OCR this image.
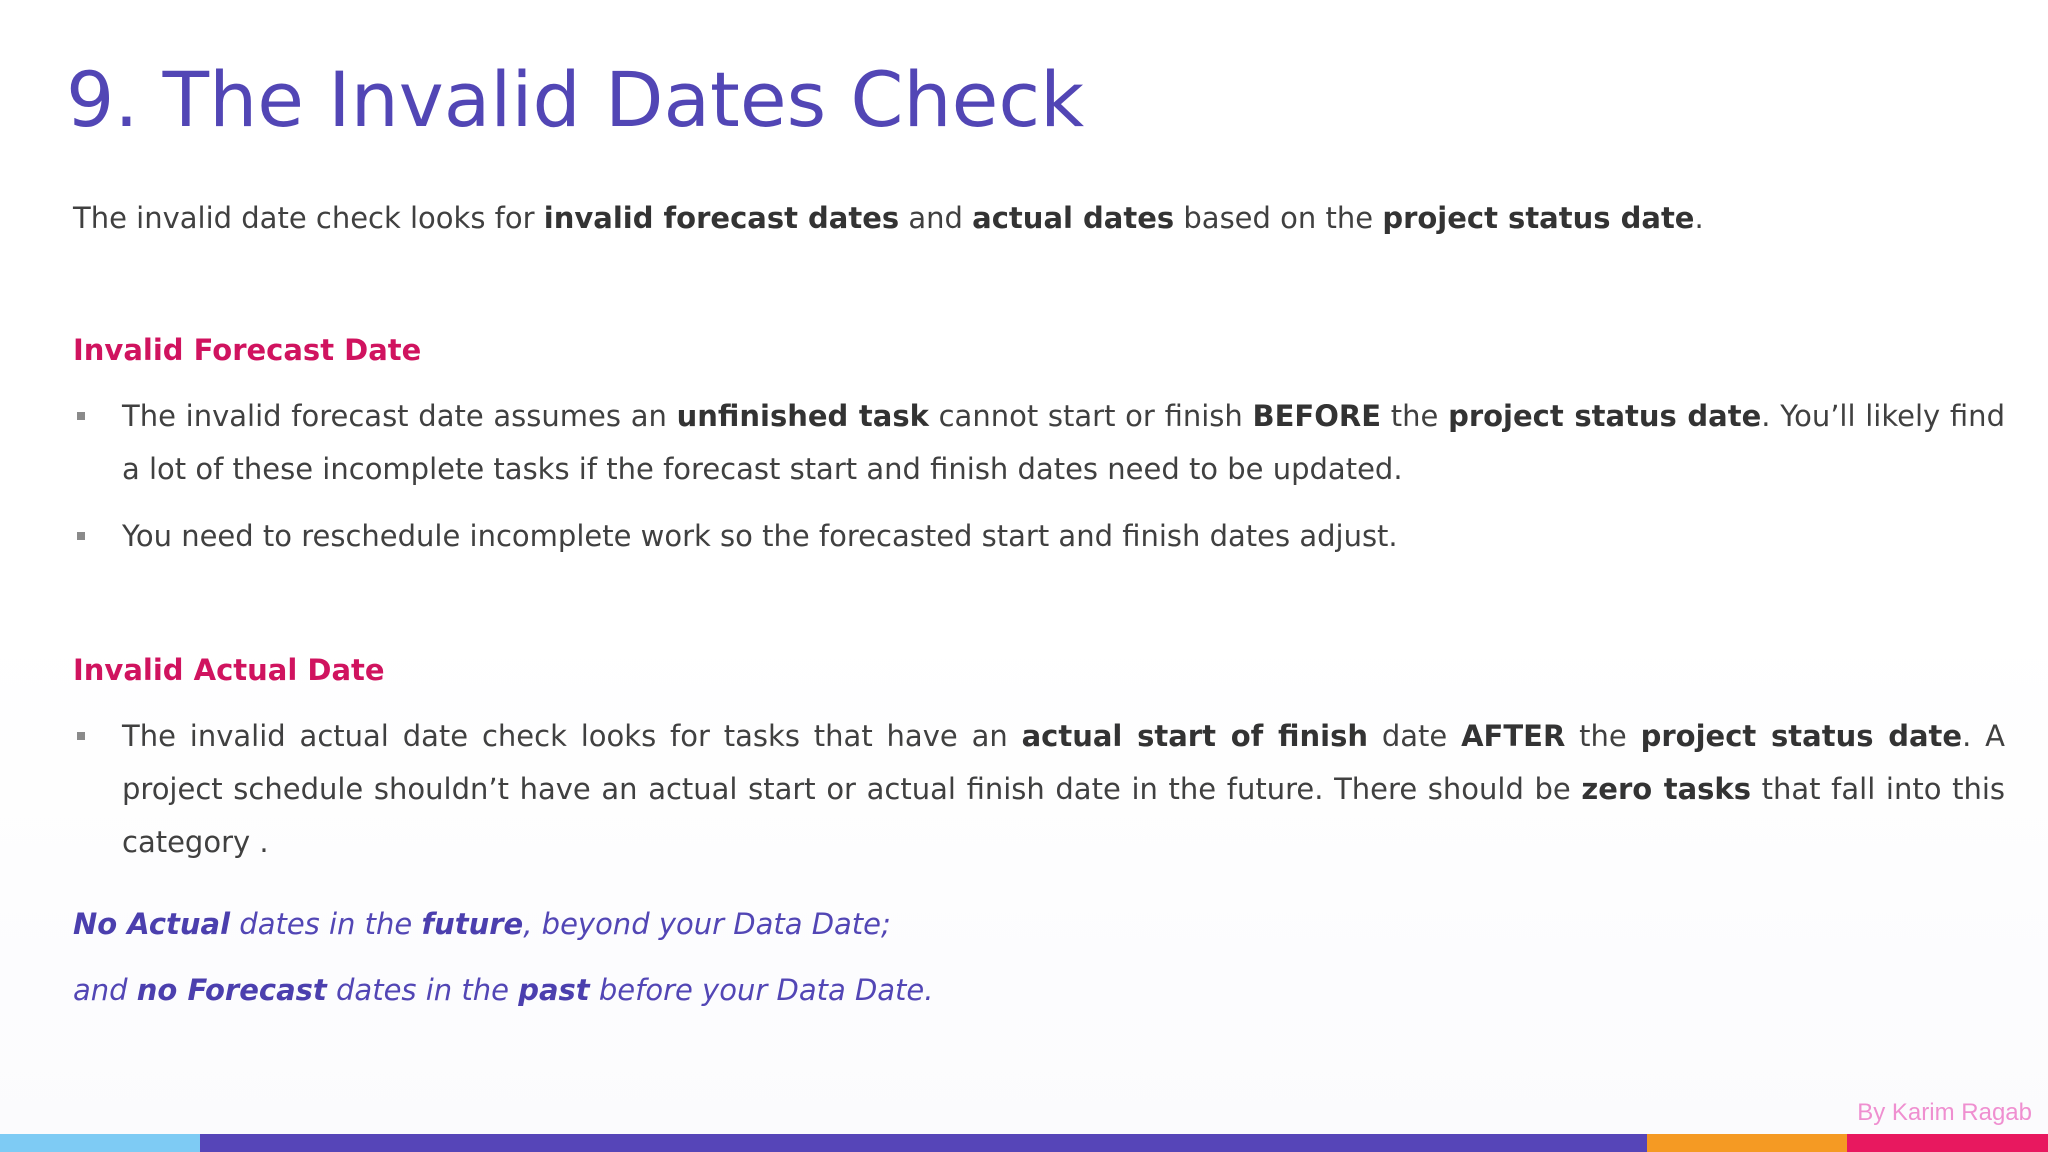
9. The Invalid Dates Check

The invalid date check looks for invalid forecast dates and actual dates based on the project status date.

Invalid Forecast Date
The invalid forecast date assumes an unfinished task cannot start or finish BEFORE the project status date. You’ll likely find a lot of these incomplete tasks if the forecast start and finish dates need to be updated.
You need to reschedule incomplete work so the forecasted start and finish dates adjust.
Invalid Actual Date
The invalid actual date check looks for tasks that have an actual start of finish date AFTER the project status date. A project schedule shouldn’t have an actual start or actual finish date in the future. There should be zero tasks that fall into this category .

No Actual dates in the future, beyond your Data Date;

and no Forecast dates in the past before your Data Date.

By Karim Ragab
